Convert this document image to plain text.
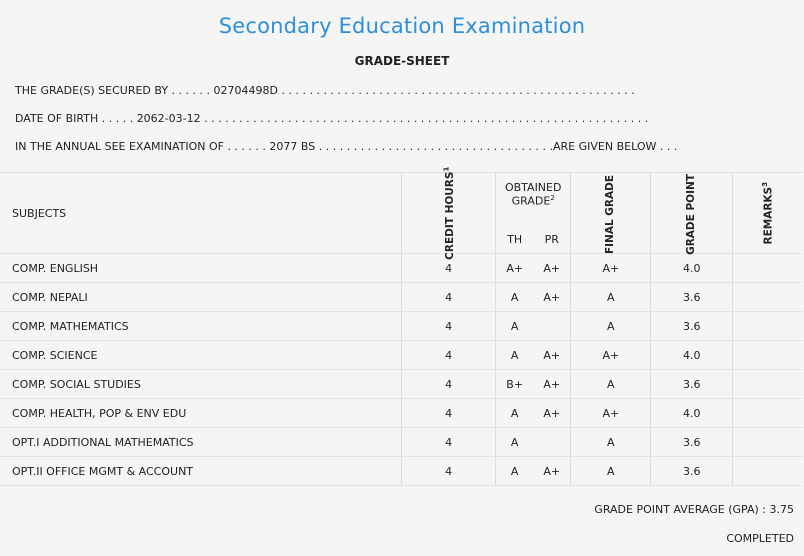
Secondary Education Examination
GRADE-SHEET
THE GRADE(S) SECURED BY . . . . . . 02704498D . . . . . . . . . . . . . . . . . . . . . . . . . . . . . . . . . . . . . . . . . . . . . . . . . . .
DATE OF BIRTH . . . . . 2062-03-12 . . . . . . . . . . . . . . . . . . . . . . . . . . . . . . . . . . . . . . . . . . . . . . . . . . . . . . . . . . . . . . . .
IN THE ANNUAL SEE EXAMINATION OF . . . . . . 2077 BS . . . . . . . . . . . . . . . . . . . . . . . . . . . . . . . . . .ARE GIVEN BELOW . . .
SUBJECTS	CREDIT HOURS$^1$	OBTAINED GRADE$^2$		FINAL GRADE	GRADE POINT	REMARKS$^3$
		TH	PR			
COMP. ENGLISH	4	A+	A+	A+	4.0	
COMP. NEPALI	4	A	A+	A	3.6	
COMP. MATHEMATICS	4	A		A	3.6	
COMP. SCIENCE	4	A	A+	A+	4.0	
COMP. SOCIAL STUDIES	4	B+	A+	A	3.6	
COMP. HEALTH, POP & ENV EDU	4	A	A+	A+	4.0	
OPT.I ADDITIONAL MATHEMATICS	4	A		A	3.6	
OPT.II OFFICE MGMT & ACCOUNT	4	A	A+	A	3.6	
GRADE POINT AVERAGE (GPA) : 3.75
COMPLETED
